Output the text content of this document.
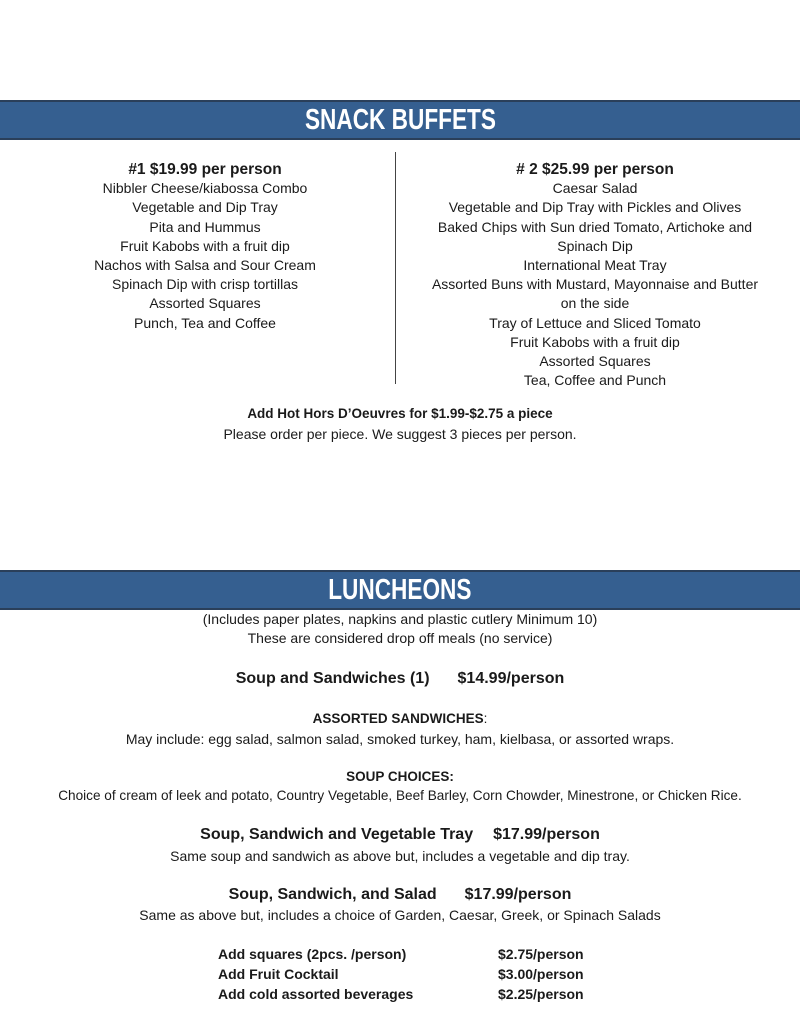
SNACK BUFFETS
#1 $19.99 per person
Nibbler Cheese/kiabossa Combo
Vegetable and Dip Tray
Pita and Hummus
Fruit Kabobs with a fruit dip
Nachos with Salsa and Sour Cream
Spinach Dip with crisp tortillas
Assorted Squares
Punch, Tea and Coffee
# 2 $25.99 per person
Caesar Salad
Vegetable and Dip Tray with Pickles and Olives
Baked Chips with Sun dried Tomato, Artichoke and
Spinach Dip
International Meat Tray
Assorted Buns with Mustard, Mayonnaise and Butter
on the side
Tray of Lettuce and Sliced Tomato
Fruit Kabobs with a fruit dip
Assorted Squares
Tea, Coffee and Punch
Add Hot Hors D’Oeuvres for $1.99-$2.75 a piece
Please order per piece. We suggest 3 pieces per person.
LUNCHEONS
(Includes paper plates, napkins and plastic cutlery Minimum 10)
These are considered drop off meals (no service)
Soup and Sandwiches (1) $14.99/person
ASSORTED SANDWICHES:
May include: egg salad, salmon salad, smoked turkey, ham, kielbasa, or assorted wraps.
SOUP CHOICES:
Choice of cream of leek and potato, Country Vegetable, Beef Barley, Corn Chowder, Minestrone, or Chicken Rice.
Soup, Sandwich and Vegetable Tray $17.99/person
Same soup and sandwich as above but, includes a vegetable and dip tray.
Soup, Sandwich, and Salad $17.99/person
Same as above but, includes a choice of Garden, Caesar, Greek, or Spinach Salads
Add squares (2pcs. /person)	$2.75/person
Add Fruit Cocktail	$3.00/person
Add cold assorted beverages	$2.25/person
